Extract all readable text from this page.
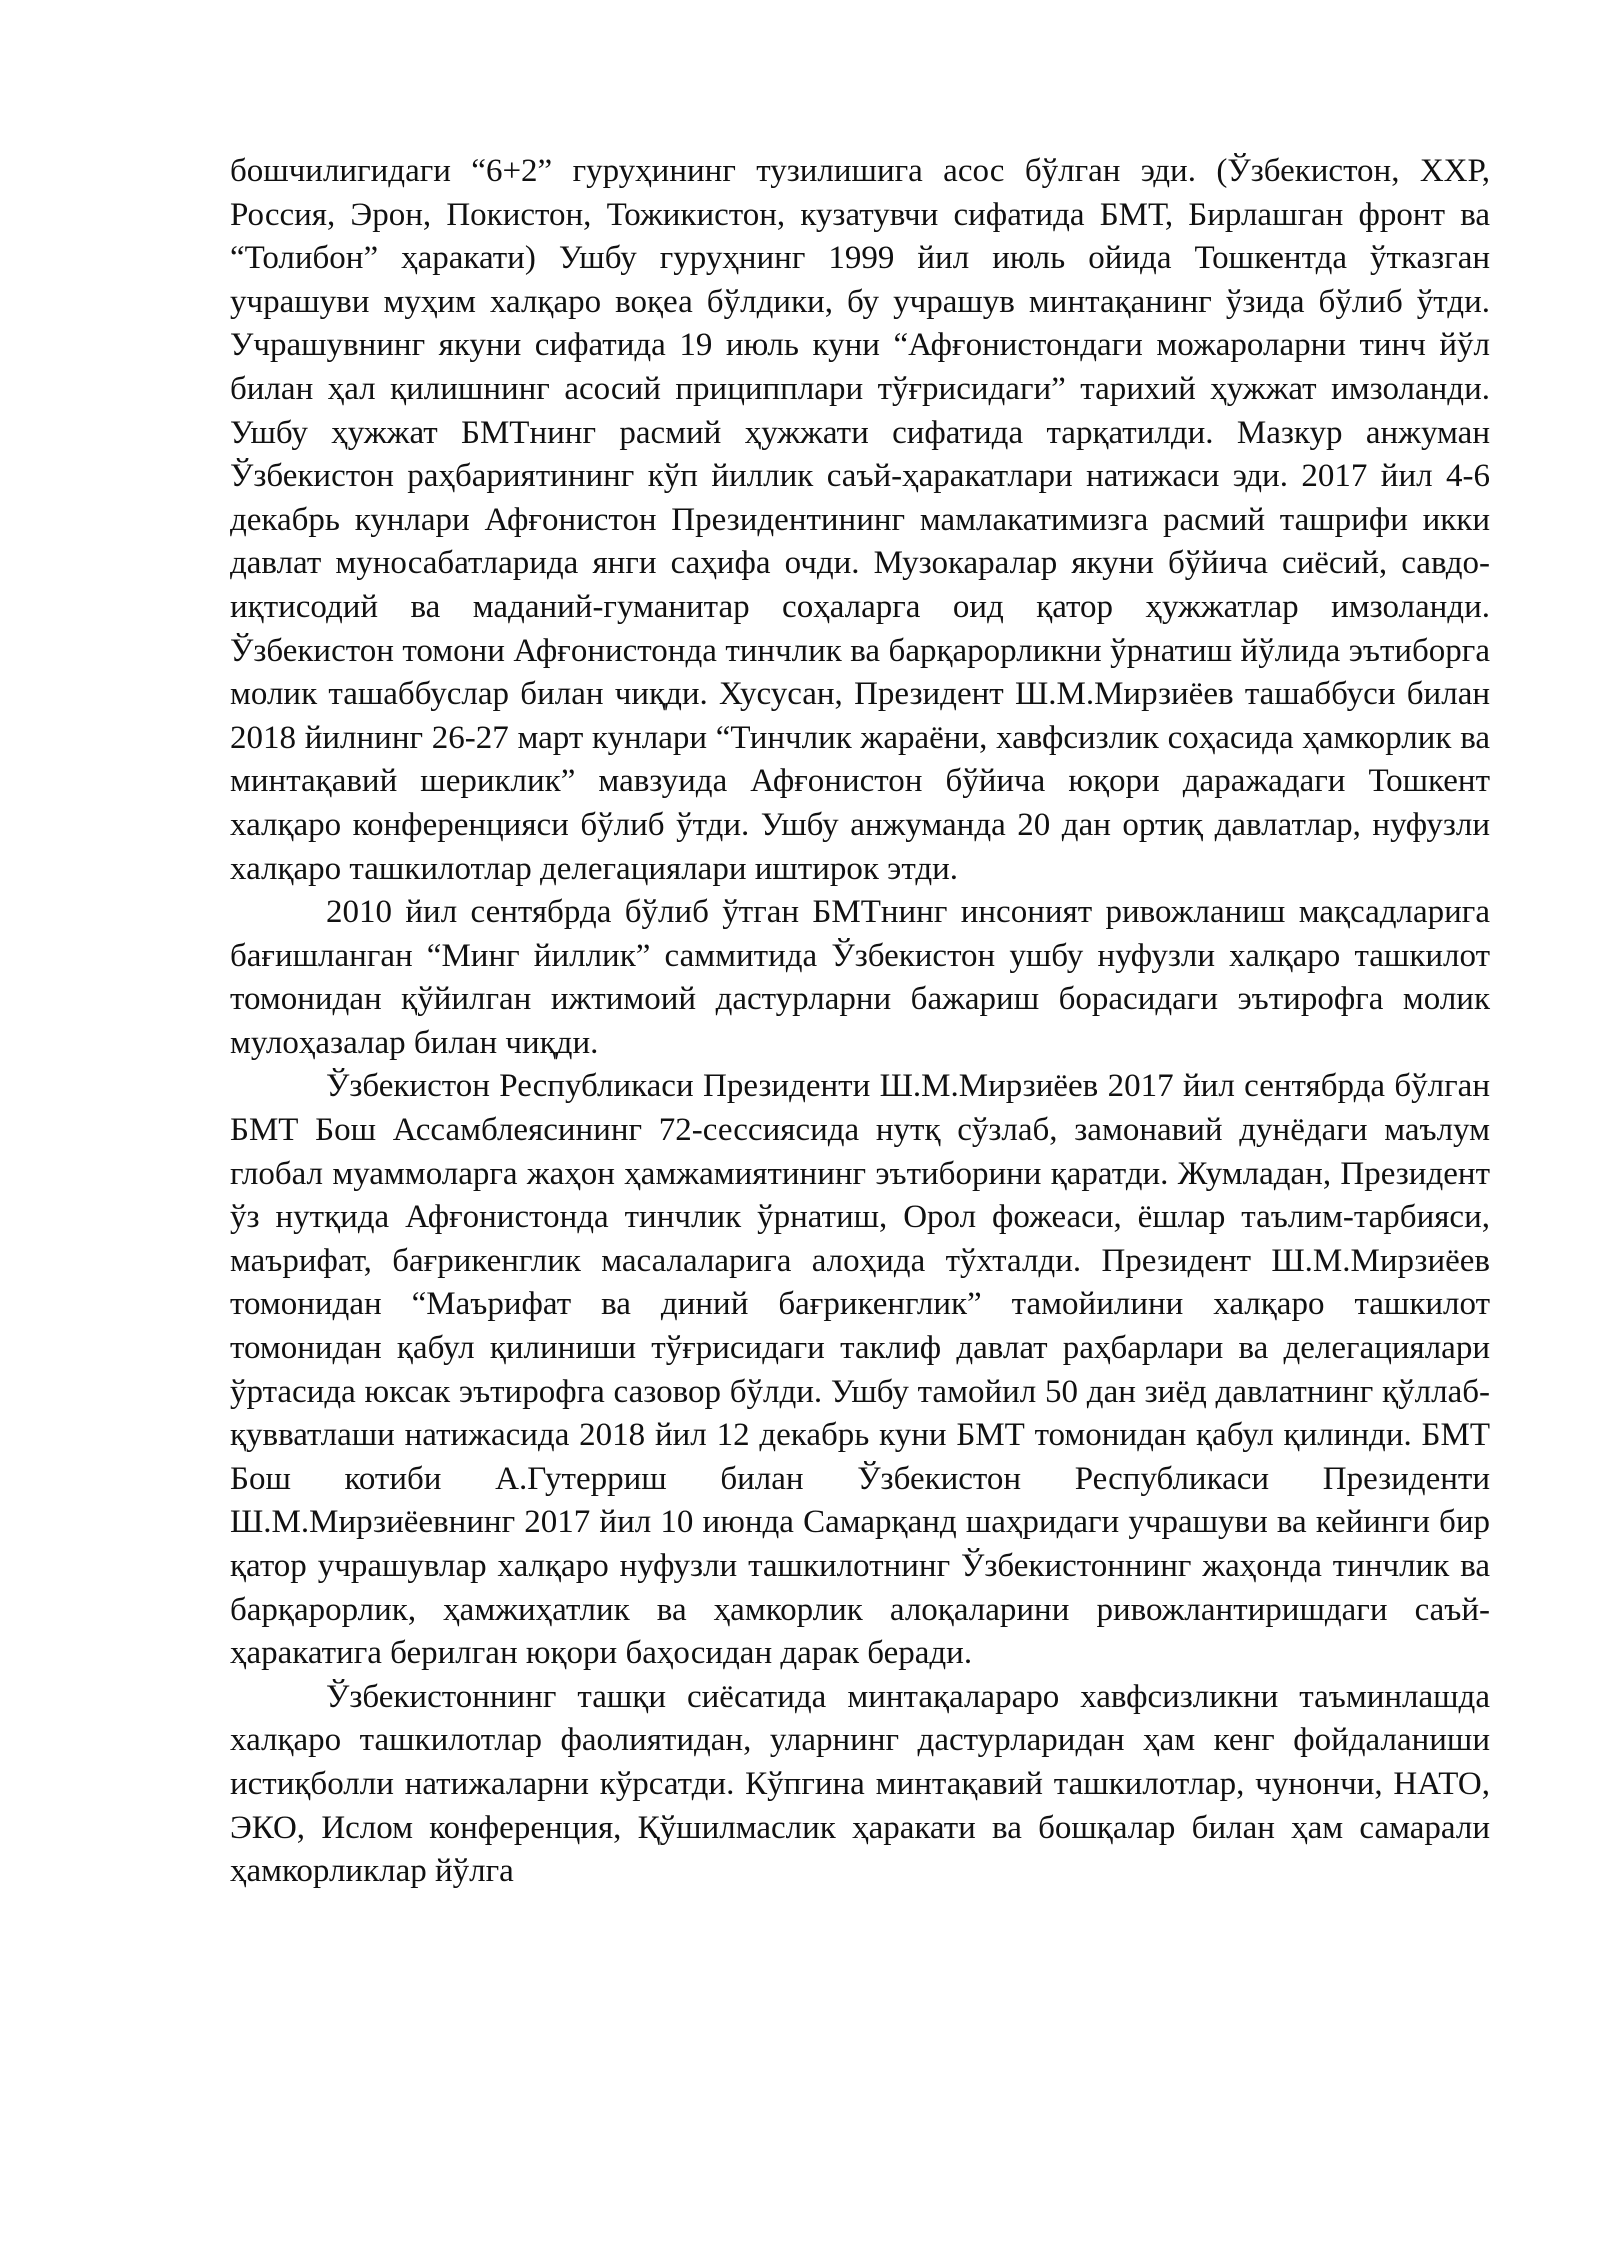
бошчилигидаги “6+2” гуруҳининг тузилишига асос бўлган эди. (Ўзбекистон, ХХР, Россия, Эрон, Покистон, Тожикистон, кузатувчи сифатида БМТ, Бирлашган фронт ва “Толибон” ҳаракати) Ушбу гуруҳнинг 1999 йил июль ойида Тошкентда ўтказган учрашуви муҳим халқаро воқеа бўлдики, бу учрашув минтақанинг ўзида бўлиб ўтди. Учрашувнинг якуни сифатида 19 июль куни “Афғонистондаги можароларни тинч йўл билан ҳал қилишнинг асосий приципплари тўғрисидаги” тарихий ҳужжат имзоланди. Ушбу ҳужжат БМТнинг расмий ҳужжати сифатида тарқатилди. Мазкур анжуман Ўзбекистон раҳбариятининг кўп йиллик саъй-ҳаракатлари натижаси эди. 2017 йил 4-6 декабрь кунлари Афғонистон Президентининг мамлакатимизга расмий ташрифи икки давлат муносабатларида янги саҳифа очди. Музокаралар якуни бўйича сиёсий, савдо-иқтисодий ва маданий-гуманитар соҳаларга оид қатор ҳужжатлар имзоланди. Ўзбекистон томони Афғонистонда тинчлик ва барқарорликни ўрнатиш йўлида эътиборга молик ташаббуслар билан чиқди. Хусусан, Президент Ш.М.Мирзиёев ташаббуси билан 2018 йилнинг 26-27 март кунлари “Тинчлик жараёни, хавфсизлик соҳасида ҳамкорлик ва минтақавий шериклик” мавзуида Афғонистон бўйича юқори даражадаги Тошкент халқаро конференцияси бўлиб ўтди. Ушбу анжуманда 20 дан ортиқ давлатлар, нуфузли халқаро ташкилотлар делегациялари иштирок этди.

2010 йил сентябрда бўлиб ўтган БМТнинг инсоният ривожланиш мақсадларига бағишланган “Минг йиллик” саммитида Ўзбекистон ушбу нуфузли халқаро ташкилот томонидан қўйилган ижтимоий дастурларни бажариш борасидаги эътирофга молик мулоҳазалар билан чиқди.

Ўзбекистон Республикаси Президенти Ш.М.Мирзиёев 2017 йил сентябрда бўлган БМТ Бош Ассамблеясининг 72-сессиясида нутқ сўзлаб, замонавий дунёдаги маълум глобал муаммоларга жаҳон ҳамжамиятининг эътиборини қаратди. Жумладан, Президент ўз нутқида Афғонистонда тинчлик ўрнатиш, Орол фожеаси, ёшлар таълим-тарбияси, маърифат, бағрикенглик масалаларига алоҳида тўхталди. Президент Ш.М.Мирзиёев томонидан “Маърифат ва диний бағрикенглик” тамойилини халқаро ташкилот томонидан қабул қилиниши тўғрисидаги таклиф давлат раҳбарлари ва делегациялари ўртасида юксак эътирофга сазовор бўлди. Ушбу тамойил 50 дан зиёд давлатнинг қўллаб-қувватлаши натижасида 2018 йил 12 декабрь куни БМТ томонидан қабул қилинди. БМТ Бош котиби А.Гутерриш билан Ўзбекистон Республикаси Президенти Ш.М.Мирзиёевнинг 2017 йил 10 июнда Самарқанд шаҳридаги учрашуви ва кейинги бир қатор учрашувлар халқаро нуфузли ташкилотнинг Ўзбекистоннинг жаҳонда тинчлик ва барқарорлик, ҳамжиҳатлик ва ҳамкорлик алоқаларини ривожлантиришдаги саъй-ҳаракатига берилган юқори баҳосидан дарак беради.

Ўзбекистоннинг ташқи сиёсатида минтақалараро хавфсизликни таъминлашда халқаро ташкилотлар фаолиятидан, уларнинг дастурларидан ҳам кенг фойдаланиши истиқболли натижаларни кўрсатди. Кўпгина минтақавий ташкилотлар, чунончи, НАТО, ЭКО, Ислом конференция, Қўшилмаслик ҳаракати ва бошқалар билан ҳам самарали ҳамкорликлар йўлга
